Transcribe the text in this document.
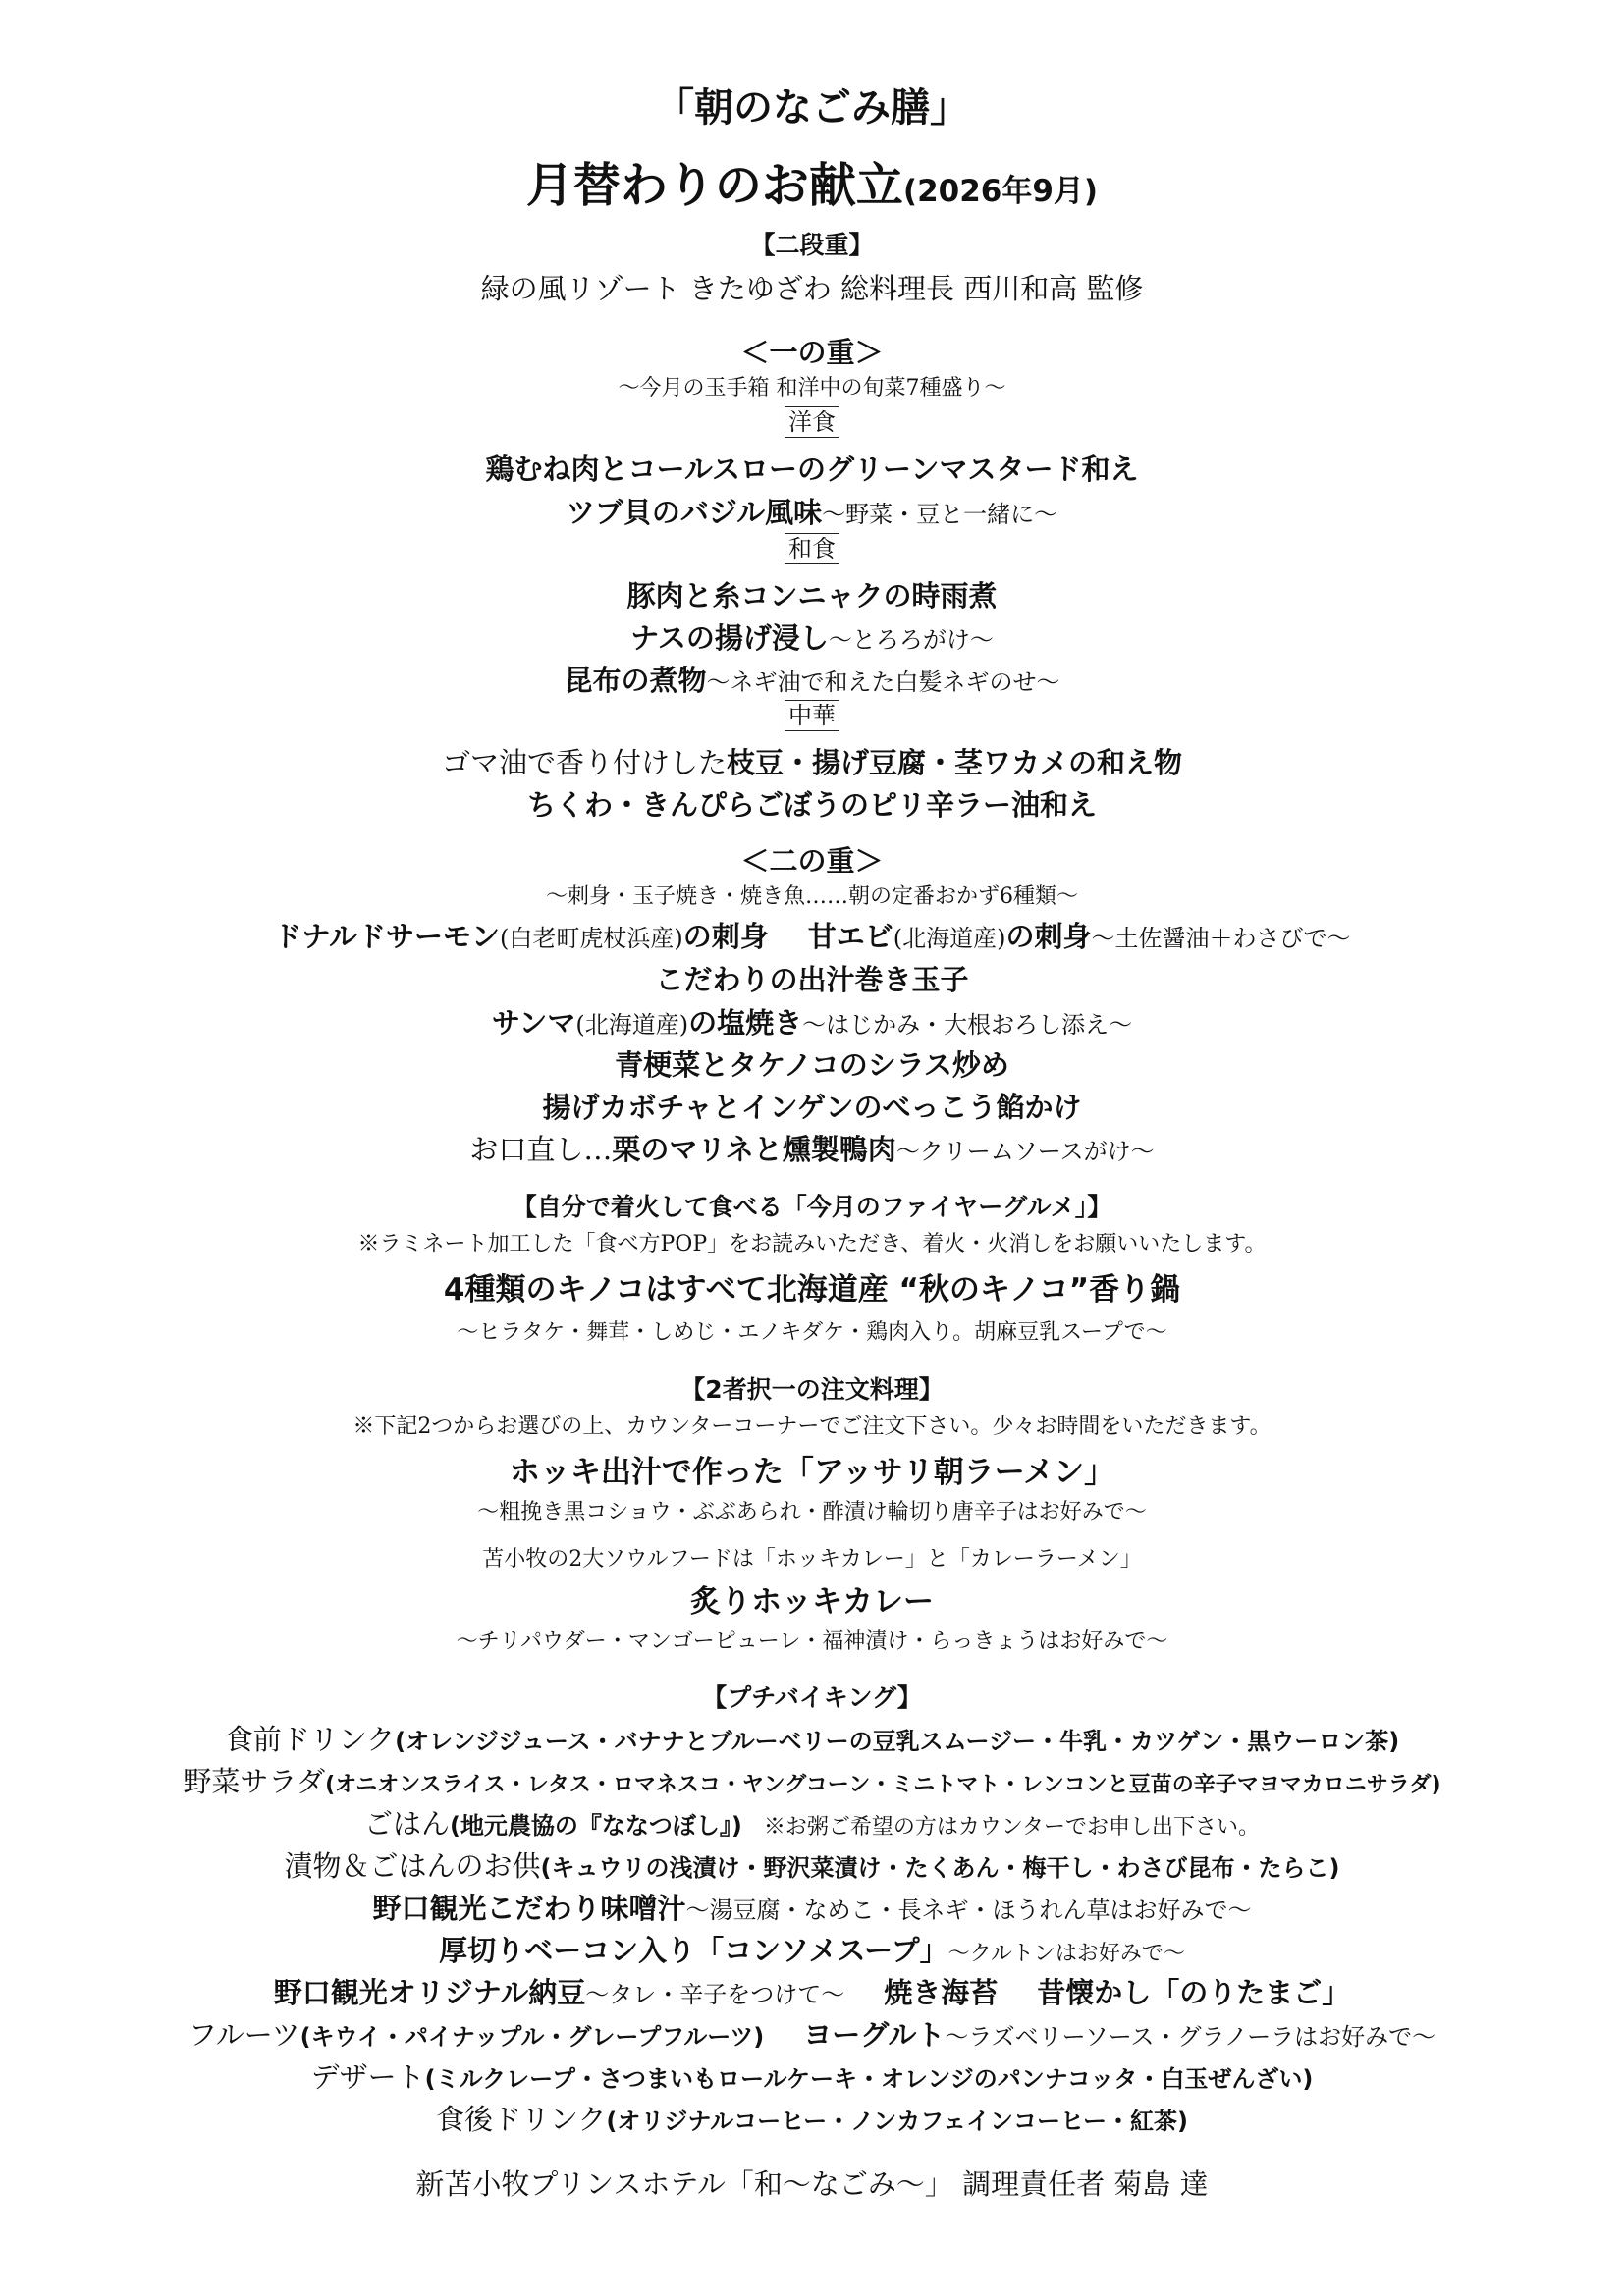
「朝のなごみ膳」
月替わりのお献立(2026年9月)
【二段重】
緑の風リゾート きたゆざわ 総料理長 西川和高 監修
＜一の重＞
～今月の玉手箱 和洋中の旬菜7種盛り～
洋食
鶏むね肉とコールスローのグリーンマスタード和え
ツブ貝のバジル風味～野菜・豆と一緒に～
和食
豚肉と糸コンニャクの時雨煮
ナスの揚げ浸し～とろろがけ～
昆布の煮物～ネギ油で和えた白髪ネギのせ～
中華
ゴマ油で香り付けした枝豆・揚げ豆腐・茎ワカメの和え物
ちくわ・きんぴらごぼうのピリ辛ラー油和え
＜二の重＞
～刺身・玉子焼き・焼き魚……朝の定番おかず6種類～
ドナルドサーモン(白老町虎杖浜産)の刺身 甘エビ(北海道産)の刺身～土佐醤油＋わさびで～
こだわりの出汁巻き玉子
サンマ(北海道産)の塩焼き～はじかみ・大根おろし添え～
青梗菜とタケノコのシラス炒め
揚げカボチャとインゲンのべっこう餡かけ
お口直し…栗のマリネと燻製鴨肉～クリームソースがけ～
【自分で着火して食べる「今月のファイヤーグルメ」】
※ラミネート加工した「食べ方POP」をお読みいただき、着火・火消しをお願いいたします。
4種類のキノコはすべて北海道産 “秋のキノコ”香り鍋
～ヒラタケ・舞茸・しめじ・エノキダケ・鶏肉入り。胡麻豆乳スープで～
【2者択一の注文料理】
※下記2つからお選びの上、カウンターコーナーでご注文下さい。少々お時間をいただきます。
ホッキ出汁で作った「アッサリ朝ラーメン」
～粗挽き黒コショウ・ぶぶあられ・酢漬け輪切り唐辛子はお好みで～
苫小牧の2大ソウルフードは「ホッキカレー」と「カレーラーメン」
炙りホッキカレー
～チリパウダー・マンゴーピューレ・福神漬け・らっきょうはお好みで～
【プチバイキング】
食前ドリンク(オレンジジュース・バナナとブルーベリーの豆乳スムージー・牛乳・カツゲン・黒ウーロン茶)
野菜サラダ(オニオンスライス・レタス・ロマネスコ・ヤングコーン・ミニトマト・レンコンと豆苗の辛子マヨマカロニサラダ)
ごはん(地元農協の『ななつぼし』) ※お粥ご希望の方はカウンターでお申し出下さい。
漬物＆ごはんのお供(キュウリの浅漬け・野沢菜漬け・たくあん・梅干し・わさび昆布・たらこ)
野口観光こだわり味噌汁～湯豆腐・なめこ・長ネギ・ほうれん草はお好みで～
厚切りベーコン入り「コンソメスープ」～クルトンはお好みで～
野口観光オリジナル納豆～タレ・辛子をつけて～ 焼き海苔 昔懐かし「のりたまご」
フルーツ(キウイ・パイナップル・グレープフルーツ) ヨーグルト～ラズベリーソース・グラノーラはお好みで～
デザート(ミルクレープ・さつまいもロールケーキ・オレンジのパンナコッタ・白玉ぜんざい)
食後ドリンク(オリジナルコーヒー・ノンカフェインコーヒー・紅茶)
新苫小牧プリンスホテル「和～なごみ～」 調理責任者 菊島 達
